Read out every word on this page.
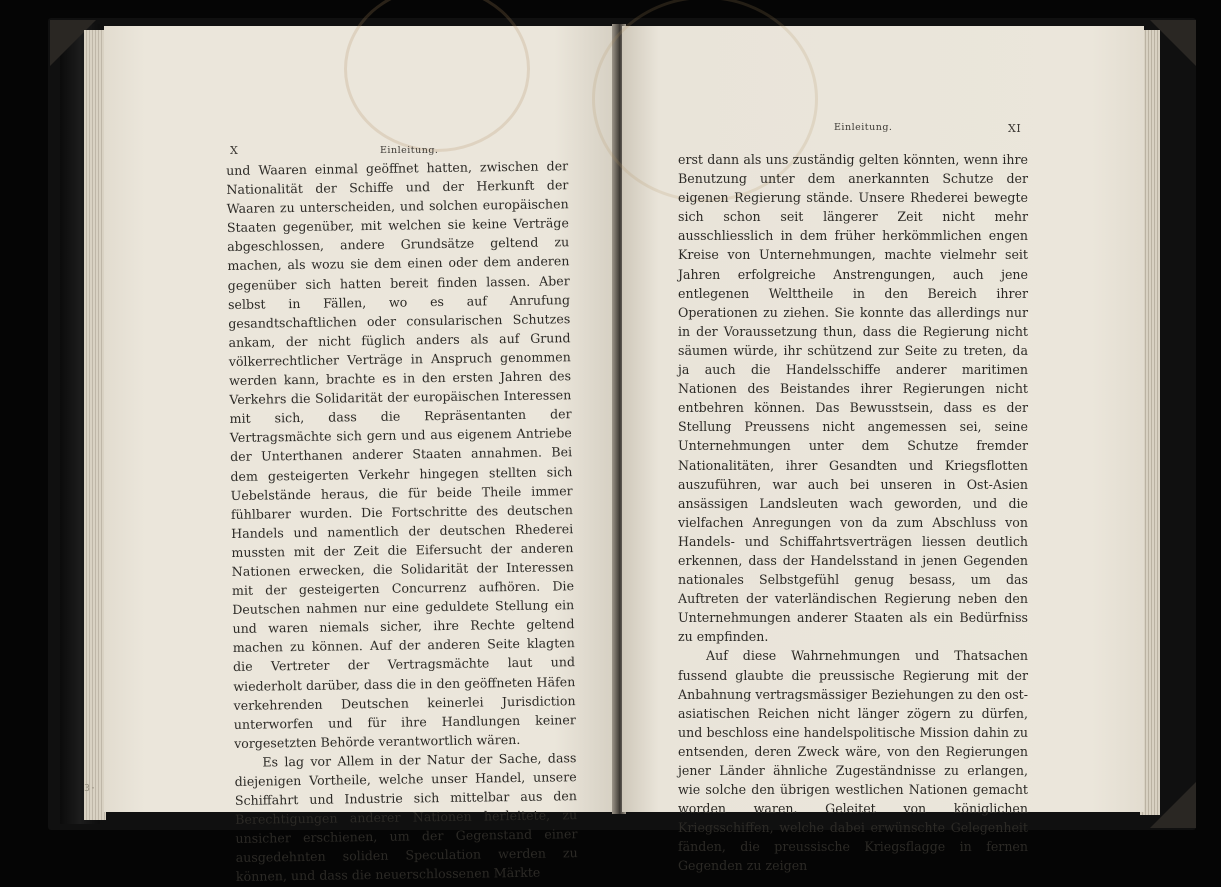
X	Einleitung.

und Waaren einmal geöffnet hatten, zwischen der Nationalität der Schiffe und der Herkunft der Waaren zu unterscheiden, und solchen europäischen Staaten gegenüber, mit welchen sie keine Verträge abgeschlossen, andere Grundsätze geltend zu machen, als wozu sie dem einen oder dem anderen gegenüber sich hatten bereit finden lassen. Aber selbst in Fällen, wo es auf Anrufung gesandtschaftlichen oder consularischen Schutzes ankam, der nicht füglich anders als auf Grund völkerrechtlicher Verträge in Anspruch genommen werden kann, brachte es in den ersten Jahren des Verkehrs die Solidarität der europäischen Interessen mit sich, dass die Repräsentanten der Vertragsmächte sich gern und aus eigenem Antriebe der Unterthanen anderer Staaten annahmen. Bei dem gesteigerten Verkehr hingegen stellten sich Uebelstände heraus, die für beide Theile immer fühlbarer wurden. Die Fortschritte des deutschen Handels und namentlich der deutschen Rhederei mussten mit der Zeit die Eifersucht der anderen Nationen erwecken, die Solidarität der Interessen mit der gesteigerten Concurrenz aufhören. Die Deutschen nahmen nur eine geduldete Stellung ein und waren niemals sicher, ihre Rechte geltend machen zu können. Auf der anderen Seite klagten die Vertreter der Vertragsmächte laut und wiederholt darüber, dass die in den geöffneten Häfen verkehrenden Deutschen keinerlei Jurisdiction unterworfen und für ihre Handlungen keiner vorgesetzten Behörde verantwortlich wären.

Es lag vor Allem in der Natur der Sache, dass diejenigen Vortheile, welche unser Handel, unsere Schiffahrt und Industrie sich mittelbar aus den Berechtigungen anderer Nationen herleitete, zu unsicher erschienen, um der Gegenstand einer ausgedehnten soliden Speculation werden zu können, und dass die neuerschlossenen Märkte

Einleitung.	XI

erst dann als uns zuständig gelten könnten, wenn ihre Benutzung unter dem anerkannten Schutze der eigenen Regierung stände. Unsere Rhederei bewegte sich schon seit längerer Zeit nicht mehr ausschliesslich in dem früher herkömmlichen engen Kreise von Unternehmungen, machte vielmehr seit Jahren erfolgreiche Anstrengungen, auch jene entlegenen Welttheile in den Bereich ihrer Operationen zu ziehen. Sie konnte das allerdings nur in der Voraussetzung thun, dass die Regierung nicht säumen würde, ihr schützend zur Seite zu treten, da ja auch die Handelsschiffe anderer maritimen Nationen des Beistandes ihrer Regierungen nicht entbehren können. Das Bewusstsein, dass es der Stellung Preussens nicht angemessen sei, seine Unternehmungen unter dem Schutze fremder Nationalitäten, ihrer Gesandten und Kriegsflotten auszuführen, war auch bei unseren in Ost-Asien ansässigen Landsleuten wach geworden, und die vielfachen Anregungen von da zum Abschluss von Handels- und Schiffahrtsverträgen liessen deutlich erkennen, dass der Handelsstand in jenen Gegenden nationales Selbstgefühl genug besass, um das Auftreten der vaterländischen Regierung neben den Unternehmungen anderer Staaten als ein Bedürfniss zu empfinden.

Auf diese Wahrnehmungen und Thatsachen fussend glaubte die preussische Regierung mit der Anbahnung vertragsmässiger Beziehungen zu den ost-asiatischen Reichen nicht länger zögern zu dürfen, und beschloss eine handelspolitische Mission dahin zu entsenden, deren Zweck wäre, von den Regierungen jener Länder ähnliche Zugeständnisse zu erlangen, wie solche den übrigen westlichen Nationen gemacht worden waren. Geleitet von königlichen Kriegsschiffen, welche dabei erwünschte Gelegenheit fänden, die preussische Kriegsflagge in fernen Gegenden zu zeigen

3·
